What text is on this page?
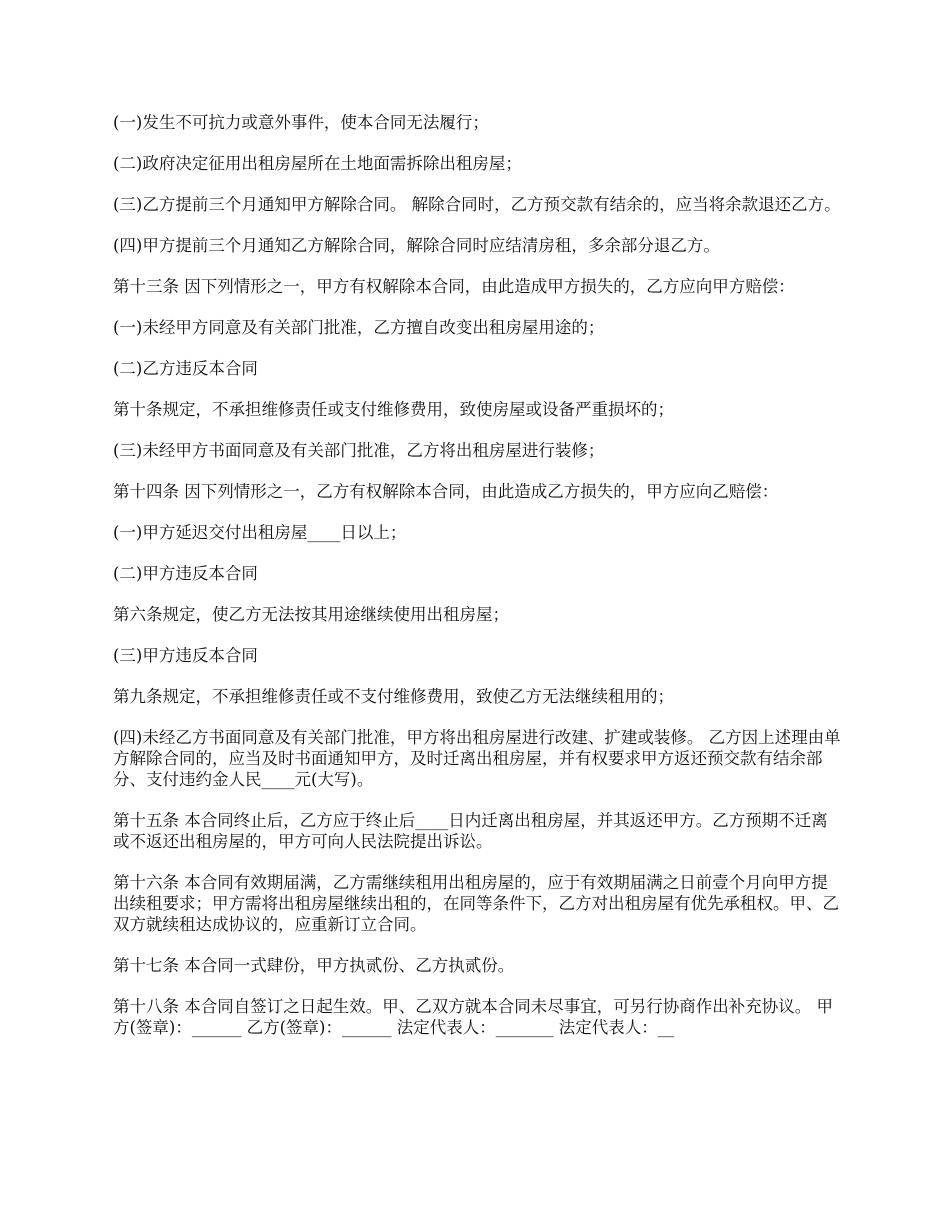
(一)发生不可抗力或意外事件，使本合同无法履行；

(二)政府决定征用出租房屋所在土地面需拆除出租房屋；

(三)乙方提前三个月通知甲方解除合同。 解除合同时，乙方预交款有结余的，应当将余款退还乙方。

(四)甲方提前三个月通知乙方解除合同，解除合同时应结清房租，多余部分退乙方。

第十三条 因下列情形之一，甲方有权解除本合同，由此造成甲方损失的，乙方应向甲方赔偿：

(一)未经甲方同意及有关部门批准，乙方擅自改变出租房屋用途的；

(二)乙方违反本合同

第十条规定，不承担维修责任或支付维修费用，致使房屋或设备严重损坏的；

(三)未经甲方书面同意及有关部门批准，乙方将出租房屋进行装修；

第十四条 因下列情形之一，乙方有权解除本合同，由此造成乙方损失的，甲方应向乙赔偿：

(一)甲方延迟交付出租房屋____日以上；

(二)甲方违反本合同

第六条规定，使乙方无法按其用途继续使用出租房屋；

(三)甲方违反本合同

第九条规定，不承担维修责任或不支付维修费用，致使乙方无法继续租用的；

(四)未经乙方书面同意及有关部门批准，甲方将出租房屋进行改建、扩建或装修。 乙方因上述理由单方解除合同的，应当及时书面通知甲方，及时迁离出租房屋，并有权要求甲方返还预交款有结余部分、支付违约金人民____元(大写)。

第十五条 本合同终止后，乙方应于终止后____日内迁离出租房屋，并其返还甲方。乙方预期不迁离或不返还出租房屋的，甲方可向人民法院提出诉讼。

第十六条 本合同有效期届满，乙方需继续租用出租房屋的，应于有效期届满之日前壹个月向甲方提出续租要求；甲方需将出租房屋继续出租的，在同等条件下，乙方对出租房屋有优先承租权。甲、乙双方就续租达成协议的，应重新订立合同。

第十七条 本合同一式肆份，甲方执贰份、乙方执贰份。

第十八条 本合同自签订之日起生效。甲、乙双方就本合同未尽事宜，可另行协商作出补充协议。 甲方(签章)：______ 乙方(签章)：______ 法定代表人：_______ 法定代表人：__
